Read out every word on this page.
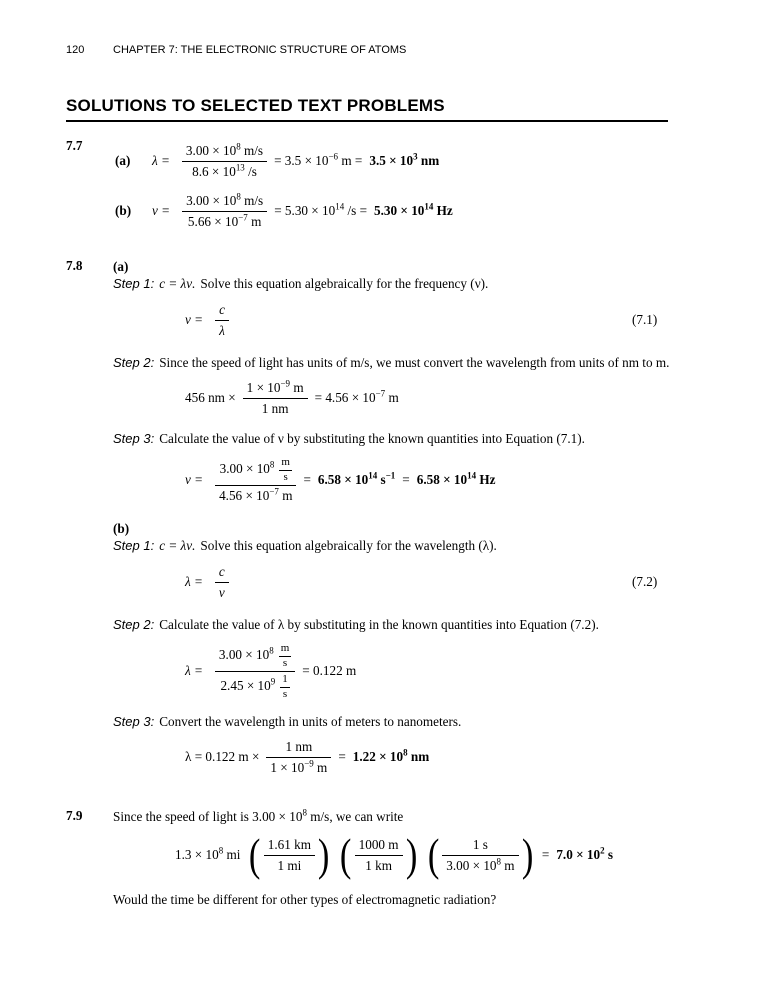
120	CHAPTER 7: THE ELECTRONIC STRUCTURE OF ATOMS
SOLUTIONS TO SELECTED TEXT PROBLEMS
7.7
(a)	$\lambda = \frac{3.00 \times 10^8 m/s}{8.6 \times 10^{13} /s} = 3.5 \times 10^{-6}$ $m = 3.5 \times 10^3$ nm
(b)	$\nu = \frac{3.00 \times 10^8 m/s}{5.66 \times 10^{-7} m} = 5.30 \times 10^{14}$ $/s = 5.30 \times 10^{14}$ Hz
7.8	(a)
Step 1: c = λν. Solve this equation algebraically for the frequency (ν).
$\nu = \frac{c}{\lambda}$	(7.1)
Step 2: Since the speed of light has units of m/s, we must convert the wavelength from units of nm to m.
456 nm × $\frac{1 \times 10^{-9} m}{1 nm} = 4.56 \times 10^{-7}$ m
Step 3: Calculate the value of ν by substituting the known quantities into Equation (7.1).
$\nu = \frac{3.00 \times 10^8 \frac{m}{s}}{4.56 \times 10^{-7} m} = 6.58 \times 10^{14}$ $s^{-1} = 6.58 \times 10^{14}$ Hz
(b)
Step 1: c = λν. Solve this equation algebraically for the wavelength (λ).
$\lambda = \frac{c}{\nu}$	(7.2)
Step 2: Calculate the value of λ by substituting in the known quantities into Equation (7.2).
$\lambda = \frac{3.00 \times 10^8 \frac{m}{s}}{2.45 \times 10^9 \frac{1}{s}} = 0.122$ m
Step 3: Convert the wavelength in units of meters to nanometers.
λ = 0.122 $m \times \frac{1 nm}{1 \times 10^{-9} m} = 1.22 \times 10^8$ nm
7.9	Since the speed of light is $3.00 \times 10^8$ m/s, we can write
$1.3 \times 10^8$ mi ( $\frac{1.61 km}{1 mi}$ ) ( $\frac{1000 m}{1 km}$ ) ( $\frac{1 s}{3.00 \times 10^8 m}$ ) = $7.0 \times 10^2$ s
Would the time be different for other types of electromagnetic radiation?
